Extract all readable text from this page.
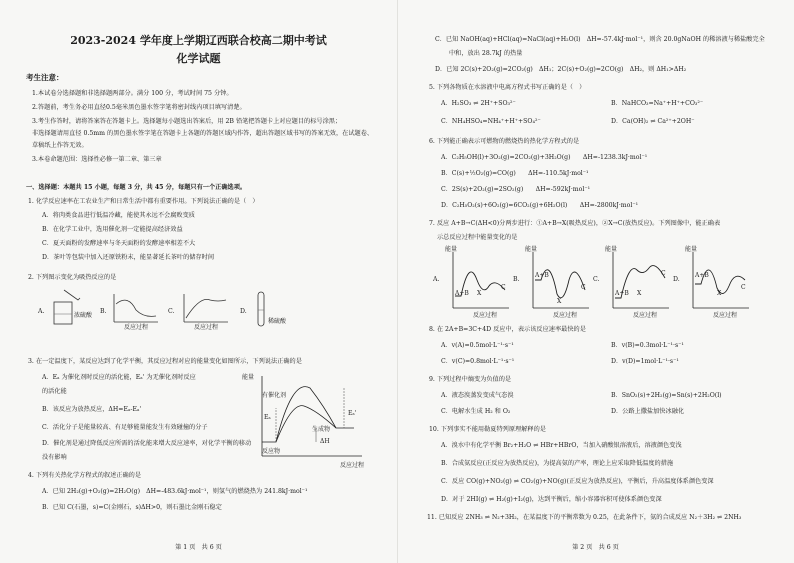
2023-2024 学年度上学期辽西联合校高二期中考试
化学试题
考生注意：
1.本试卷分选择题和非选择题两部分。满分 100 分，考试时间 75 分钟。
2.答题前，考生务必用直径0.5毫米黑色墨水签字笔将密封线内项目填写清楚。
3.考生作答时，请将答案答在答题卡上。选择题每小题选出答案后，用 2B 铅笔把答题卡上对应题目的标号涂黑；
非选择题请用直径 0.5mm 的黑色墨水签字笔在答题卡上各题的答题区域内作答，超出答题区域书写的答案无效，在试题卷、
草稿纸上作答无效。
3.本卷命题范围：选择性必修一第二章、第三章
一、选择题：本题共 15 小题，每题 3 分，共 45 分，每题只有一个正确选项。
1. 化学反应速率在工农业生产和日常生活中都有重要作用。下列说法正确的是（　）
A．将肉类食品进行低温冷藏，能使其永远不会腐败变质
B．在化学工业中，选用催化剂一定能提高经济效益
C．夏天面粉的发酵速率与冬天面粉的发酵速率相差不大
D．茶叶等包装中加入还原铁粉末，能显著延长茶叶的储存时间
2. 下列图示变化为吸热反应的是
A.
浓硫酸
B.
反应过程
C.
反应过程
D.
稀硫酸
3. 在一定温度下，某反应达到了化学平衡，其反应过程对应的能量变化如图所示，下列说法正确的是
A．Eₐ 为催化剂时反应的活化能，Eₐ' 为无催化剂时反应
的活化能
B．该反应为放热反应，ΔH=Eₐ-Eₐ'
C．活化分子是能量较高、有足够能量能发生有效碰撞的分子
D．催化剂是通过降低反应所需的活化能来增大反应速率，对化学平衡的移动
没有影响
能量
有催化剂
Eₐ
Eₐ'
生成物
反应物
ΔH
反应过程
4. 下列有关热化学方程式的叙述正确的是
A．已知 2H₂(g)+O₂(g)=2H₂O(g)　ΔH=-483.6kJ·mol⁻¹，则氢气的燃烧热为 241.8kJ·mol⁻¹
B．已知 C(石墨，s)=C(金刚石，s)ΔH>0，则石墨比金刚石稳定
第 1 页　共 6 页
C．已知 NaOH(aq)+HCl(aq)=NaCl(aq)+H₂O(l)　ΔH=-57.4kJ·mol⁻¹，则含 20.0gNaOH 的稀溶液与稀盐酸完全
中和，放出 28.7kJ 的热量
D．已知 2C(s)+2O₂(g)=2CO₂(g)　ΔH₁；2C(s)+O₂(g)=2CO(g)　ΔH₂，则 ΔH₁>ΔH₂
5. 下列各物质在水溶液中电离方程式书写正确的是（　）
A．H₂SO₃ ⇌ 2H⁺+SO₃²⁻	B．NaHCO₃=Na⁺+H⁺+CO₃²⁻
C．NH₄HSO₄=NH₄⁺+H⁺+SO₄²⁻	D．Ca(OH)₂ ⇌ Ca²⁺+2OH⁻
6. 下列能正确表示可燃物的燃烧热的热化学方程式的是
A．C₂H₅OH(l)+3O₂(g)=2CO₂(g)+3H₂O(g)　　ΔH=-1238.3kJ·mol⁻¹
B．C(s)+½O₂(g)=CO(g)　　ΔH=-110.5kJ·mol⁻¹
C．2S(s)+2O₂(g)=2SO₂(g)　　ΔH=-592kJ·mol⁻¹
D．C₂H₅O₂(s)+6O₂(g)=6CO₂(g)+6H₂O(l)　　ΔH=-2800kJ·mol⁻¹
7. 反应 A+B→C(ΔH<0)分两步进行：①A+B→X(吸热反应)，②X→C(放热反应)。下列图像中，能正确表
示总反应过程中能量变化的是
A.
能量
反应过程
A+B
C
X
B.
能量
反应过程
A+B
C
X
C.
能量
反应过程
A+B
C
X
D.
能量
反应过程
A+B
C
X
8. 在 2A+B=3C+4D 反应中，表示该反应速率最快的是
A．v(A)=0.5mol·L⁻¹·s⁻¹	B．v(B)=0.3mol·L⁻¹·s⁻¹
C．v(C)=0.8mol·L⁻¹·s⁻¹	D．v(D)=1mol·L⁻¹·s⁻¹
9. 下列过程中熵变为负值的是
A．液态溴蒸发变成气态溴	B．SnO₂(s)+2H₂(g)=Sn(s)+2H₂O(l)
C．电解水生成 H₂ 和 O₂	D．公路上撒盐加快冰融化
10. 下列事实不能用勒夏特列原理解释的是
A．溴水中有化学平衡 Br₂+H₂O ⇌ HBr+HBrO，当加入硝酸银溶液后，溶液颜色变浅
B．合成氨反应(正反应为放热反应)，为提高氨的产率，理论上应采取降低温度的措施
C．反应 CO(g)+NO₂(g) ⇌ CO₂(g)+NO(g)(正反应为放热反应)，平衡后，升高温度体系颜色变深
D．对于 2HI(g) ⇌ H₂(g)+I₂(g)，达到平衡后，缩小容器容积可使体系颜色变深
11. 已知反应 2NH₃ ⇌ N₂+3H₂，在某温度下的平衡常数为 0.25，在此条件下，氨的合成反应 N₂＋3H₂ ⇌ 2NH₃
第 2 页　共 6 页
